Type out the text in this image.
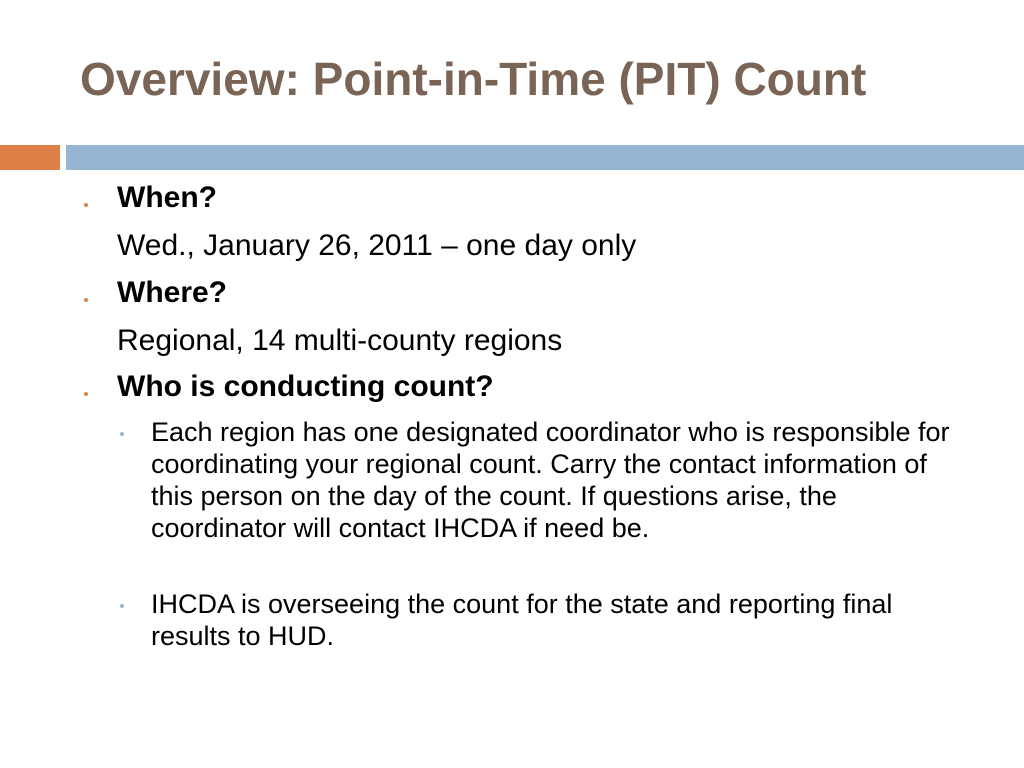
Overview: Point-in-Time (PIT) Count
When?
Wed., January 26, 2011 – one day only
Where?
Regional, 14 multi-county regions
Who is conducting count?
Each region has one designated coordinator who is responsible for coordinating your regional count. Carry the contact information of this person on the day of the count. If questions arise, the coordinator will contact IHCDA if need be.
IHCDA is overseeing the count for the state and reporting final results to HUD.
